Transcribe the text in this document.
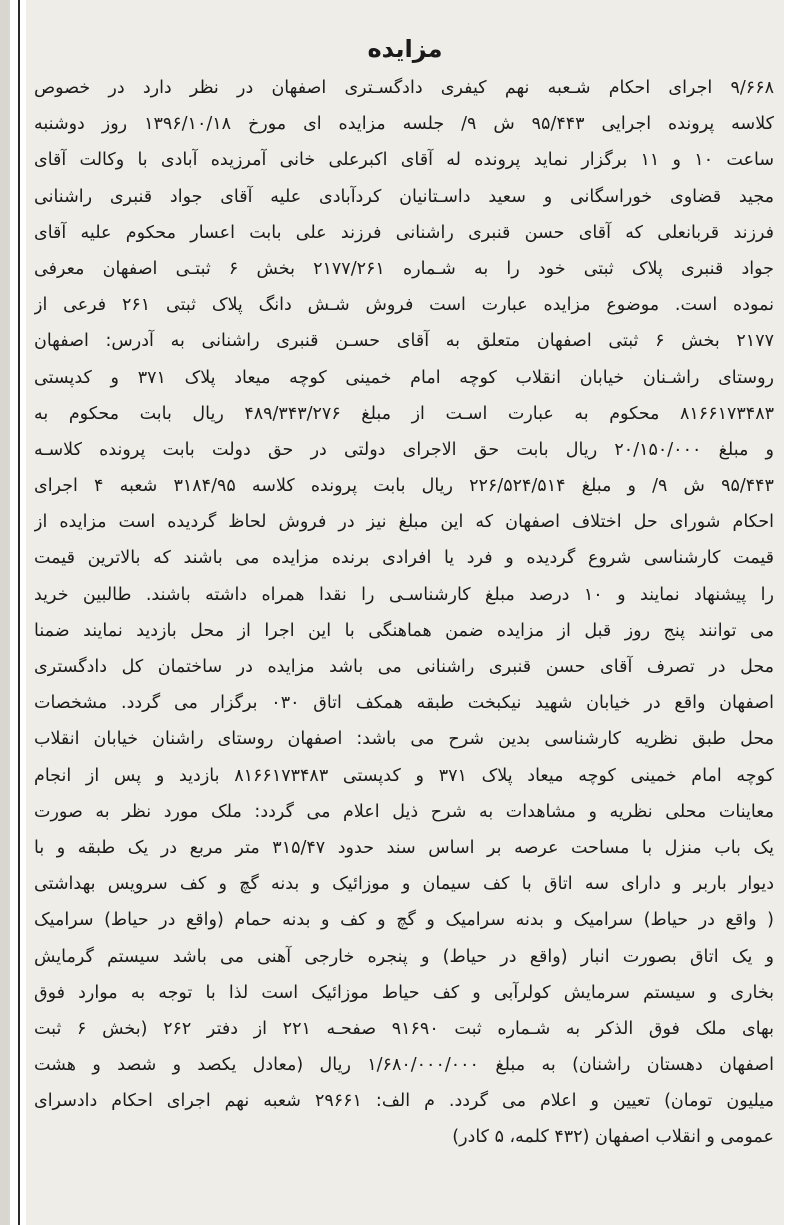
مزایده
۹/۶۶۸ اجرای احکام شـعبه نهم کیفری دادگسـتری اصفهان در نظر دارد در خصوص
کلاسه پرونده اجرایی ۹۵/۴۴۳ ش ۹/ جلسه مزایده ای مورخ ۱۳۹۶/۱۰/۱۸ روز دوشنبه
ساعت ۱۰ و ۱۱ برگزار نماید پرونده له آقای اکبرعلی خانی آمرزیده آبادی با وکالت آقای
مجید قضاوی خوراسگانی و سعید داسـتانیان کردآبادی علیه آقای جواد قنبری راشنانی
فرزند قربانعلی که آقای حسن قنبری راشنانی فرزند علی بابت اعسار محکوم علیه آقای
جواد قنبری پلاک ثبتی خود را به شـماره ۲۱۷۷/۲۶۱ بخش ۶ ثبتـی اصفهان معرفی
نموده است. موضوع مزایده عبارت است فروش شـش دانگ پلاک ثبتی ۲۶۱ فرعی از
۲۱۷۷ بخش ۶ ثبتی اصفهان متعلق به آقای حسـن قنبری راشنانی به آدرس: اصفهان
روستای راشـنان خیابان انقلاب کوچه امام خمینی کوچه میعاد پلاک ۳۷۱ و کدپستی
۸۱۶۶۱۷۳۴۸۳ محکوم به عبارت اسـت از مبلغ ۴۸۹/۳۴۳/۲۷۶ ریال بابت محکوم به
و مبلغ ۲۰/۱۵۰/۰۰۰ ریال بابت حق الاجرای دولتی در حق دولت بابت پرونده کلاسـه
۹۵/۴۴۳ ش ۹/ و مبلغ ۲۲۶/۵۲۴/۵۱۴ ریال بابت پرونده کلاسه ۳۱۸۴/۹۵ شعبه ۴ اجرای
احکام شورای حل اختلاف اصفهان که این مبلغ نیز در فروش لحاظ گردیده است مزایده از
قیمت کارشناسی شروع گردیده و فرد یا افرادی برنده مزایده می باشند که بالاترین قیمت
را پیشنهاد نمایند و ۱۰ درصد مبلغ کارشناسـی را نقدا همراه داشته باشند. طالبین خرید
می توانند پنج روز قبل از مزایده ضمن هماهنگی با این اجرا از محل بازدید نمایند ضمنا
محل در تصرف آقای حسن قنبری راشنانی می باشد مزایده در ساختمان کل دادگستری
اصفهان واقع در خیابان شهید نیکبخت طبقه همکف اتاق ۰۳۰ برگزار می گردد. مشخصات
محل طبق نظریه کارشناسی بدین شرح می باشد: اصفهان روستای راشنان خیابان انقلاب
کوچه امام خمینی کوچه میعاد پلاک ۳۷۱ و کدپستی ۸۱۶۶۱۷۳۴۸۳ بازدید و پس از انجام
معاینات محلی نظریه و مشاهدات به شرح ذیل اعلام می گردد: ملک مورد نظر به صورت
یک باب منزل با مساحت عرصه بر اساس سند حدود ۳۱۵/۴۷ متر مربع در یک طبقه و با
دیوار باربر و دارای سه اتاق با کف سیمان و موزائیک و بدنه گچ و کف سرویس بهداشتی
( واقع در حیاط) سرامیک و بدنه سرامیک و گچ و کف و بدنه حمام (واقع در حیاط) سرامیک
و یک اتاق بصورت انبار (واقع در حیاط) و پنجره خارجی آهنی می باشد سیستم گرمایش
بخاری و سیستم سرمایش کولرآبی و کف حیاط موزائیک است لذا با توجه به موارد فوق
بهای ملک فوق الذکر به شـماره ثبت ۹۱۶۹۰ صفحـه ۲۲۱ از دفتر ۲۶۲ (بخش ۶ ثبت
اصفهان دهستان راشنان) به مبلغ ۱/۶۸۰/۰۰۰/۰۰۰ ریال (معادل یکصد و شصد و هشت
میلیون تومان) تعیین و اعلام می گردد. م الف: ۲۹۶۶۱ شعبه نهم اجرای احکام دادسرای
عمومی و انقلاب اصفهان (۴۳۲ کلمه، ۵ کادر)
